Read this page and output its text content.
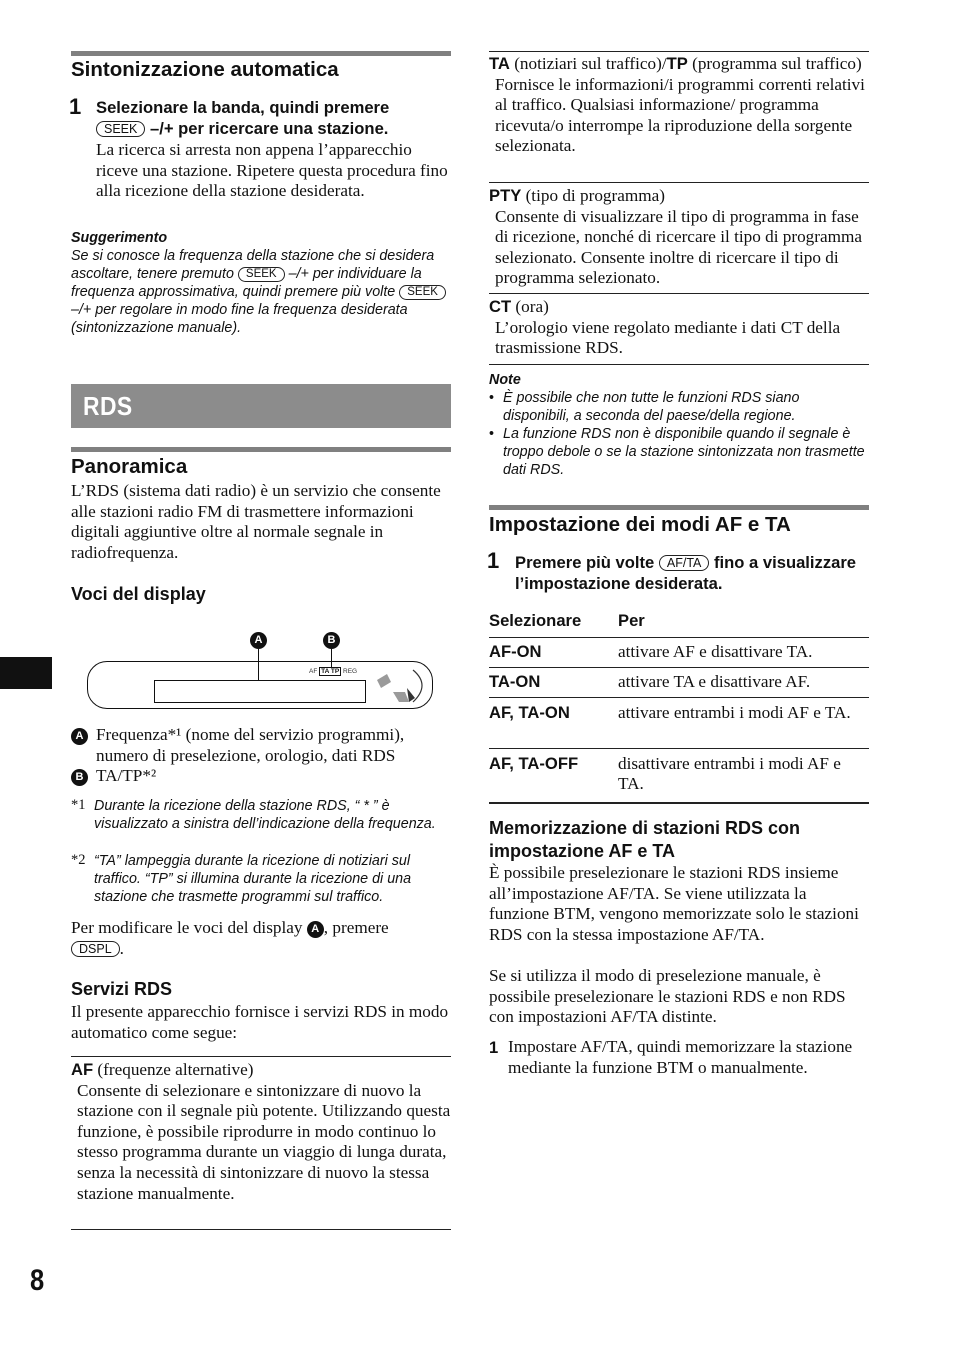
Sintonizzazione automatica
1 Selezionare la banda, quindi premere
SEEK –/+ per ricercare una stazione.
La ricerca si arresta non appena l’apparecchio riceve una stazione. Ripetere questa procedura fino alla ricezione della stazione desiderata.
Suggerimento
Se si conosce la frequenza della stazione che si desidera ascoltare, tenere premuto SEEK –/+ per individuare la frequenza approssimativa, quindi premere più volte SEEK –/+ per regolare in modo fine la frequenza desiderata (sintonizzazione manuale).
RDS
Panoramica
L’RDS (sistema dati radio) è un servizio che consente alle stazioni radio FM di trasmettere informazioni digitali aggiuntive oltre al normale segnale in radiofrequenza.
Voci del display
A	B
AF TA TP REG
A Frequenza*¹ (nome del servizio programmi), numero di preselezione, orologio, dati RDS
B TA/TP*²
*1 Durante la ricezione della stazione RDS, “ * ” è visualizzato a sinistra dell’indicazione della frequenza.
*2 “TA” lampeggia durante la ricezione di notiziari sul traffico. “TP” si illumina durante la ricezione di una stazione che trasmette programmi sul traffico.
Per modificare le voci del display A , premere
DSPL .
Servizi RDS
Il presente apparecchio fornisce i servizi RDS in modo automatico come segue:
AF (frequenze alternative)
Consente di selezionare e sintonizzare di nuovo la stazione con il segnale più potente. Utilizzando questa funzione, è possibile riprodurre in modo continuo lo stesso programma durante un viaggio di lunga durata, senza la necessità di sintonizzare di nuovo la stessa stazione manualmente.
8
TA (notiziari sul traffico)/TP (programma sul traffico)
Fornisce le informazioni/i programmi correnti relativi al traffico. Qualsiasi informazione/ programma ricevuta/o interrompe la riproduzione della sorgente selezionata.
PTY (tipo di programma)
Consente di visualizzare il tipo di programma in fase di ricezione, nonché di ricercare il tipo di programma selezionato. Consente inoltre di ricercare il tipo di programma selezionato.
CT (ora)
L’orologio viene regolato mediante i dati CT della trasmissione RDS.
Note
• È possibile che non tutte le funzioni RDS siano disponibili, a seconda del paese/della regione.
• La funzione RDS non è disponibile quando il segnale è troppo debole o se la stazione sintonizzata non trasmette dati RDS.
Impostazione dei modi AF e TA
1 Premere più volte AF/TA fino a visualizzare l’impostazione desiderata.
Selezionare	Per
AF-ON	attivare AF e disattivare TA.
TA-ON	attivare TA e disattivare AF.
AF, TA-ON	attivare entrambi i modi AF e TA.
AF, TA-OFF	disattivare entrambi i modi AF e TA.
Memorizzazione di stazioni RDS con impostazione AF e TA
È possibile preselezionare le stazioni RDS insieme all’impostazione AF/TA. Se viene utilizzata la funzione BTM, vengono memorizzate solo le stazioni RDS con la stessa impostazione AF/TA.
Se si utilizza il modo di preselezione manuale, è possibile preselezionare le stazioni RDS e non RDS con impostazioni AF/TA distinte.
1 Impostare AF/TA, quindi memorizzare la stazione mediante la funzione BTM o manualmente.
